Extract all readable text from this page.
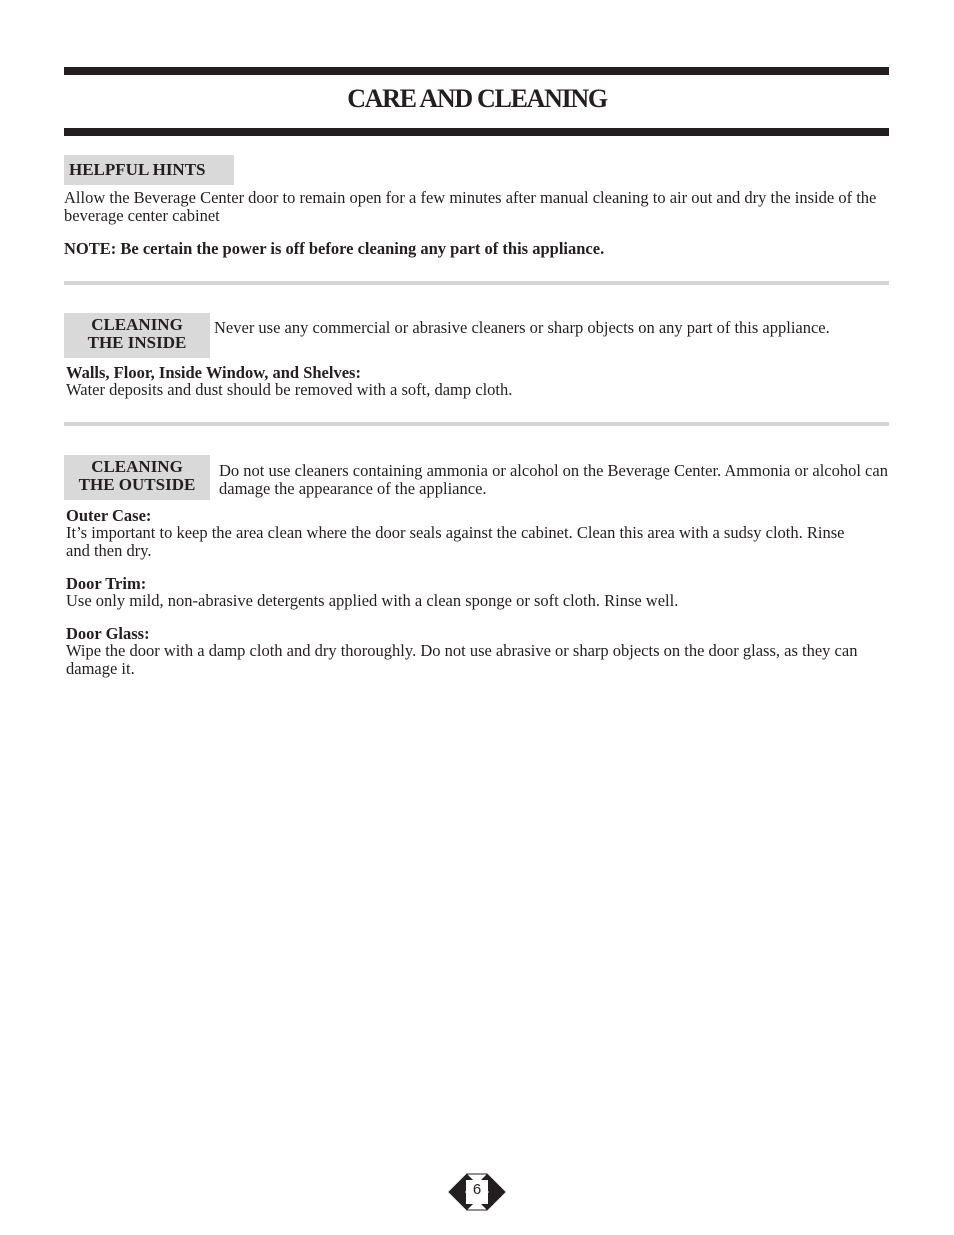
CARE AND CLEANING
HELPFUL HINTS
Allow the Beverage Center door to remain open for a few minutes after manual cleaning to air out and dry the inside of the beverage center cabinet
NOTE: Be certain the power is off before cleaning any part of this appliance.
CLEANING
THE INSIDE
Never use any commercial or abrasive cleaners or sharp objects on any part of this appliance.
Walls, Floor, Inside Window, and Shelves:
Water deposits and dust should be removed with a soft, damp cloth.
CLEANING
THE OUTSIDE
Do not use cleaners containing ammonia or alcohol on the Beverage Center. Ammonia or alcohol can damage the appearance of the appliance.
Outer Case:
It’s important to keep the area clean where the door seals against the cabinet. Clean this area with a sudsy cloth. Rinse and then dry.
Door Trim:
Use only mild, non-abrasive detergents applied with a clean sponge or soft cloth. Rinse well.
Door Glass:
Wipe the door with a damp cloth and dry thoroughly. Do not use abrasive or sharp objects on the door glass, as they can damage it.
6
